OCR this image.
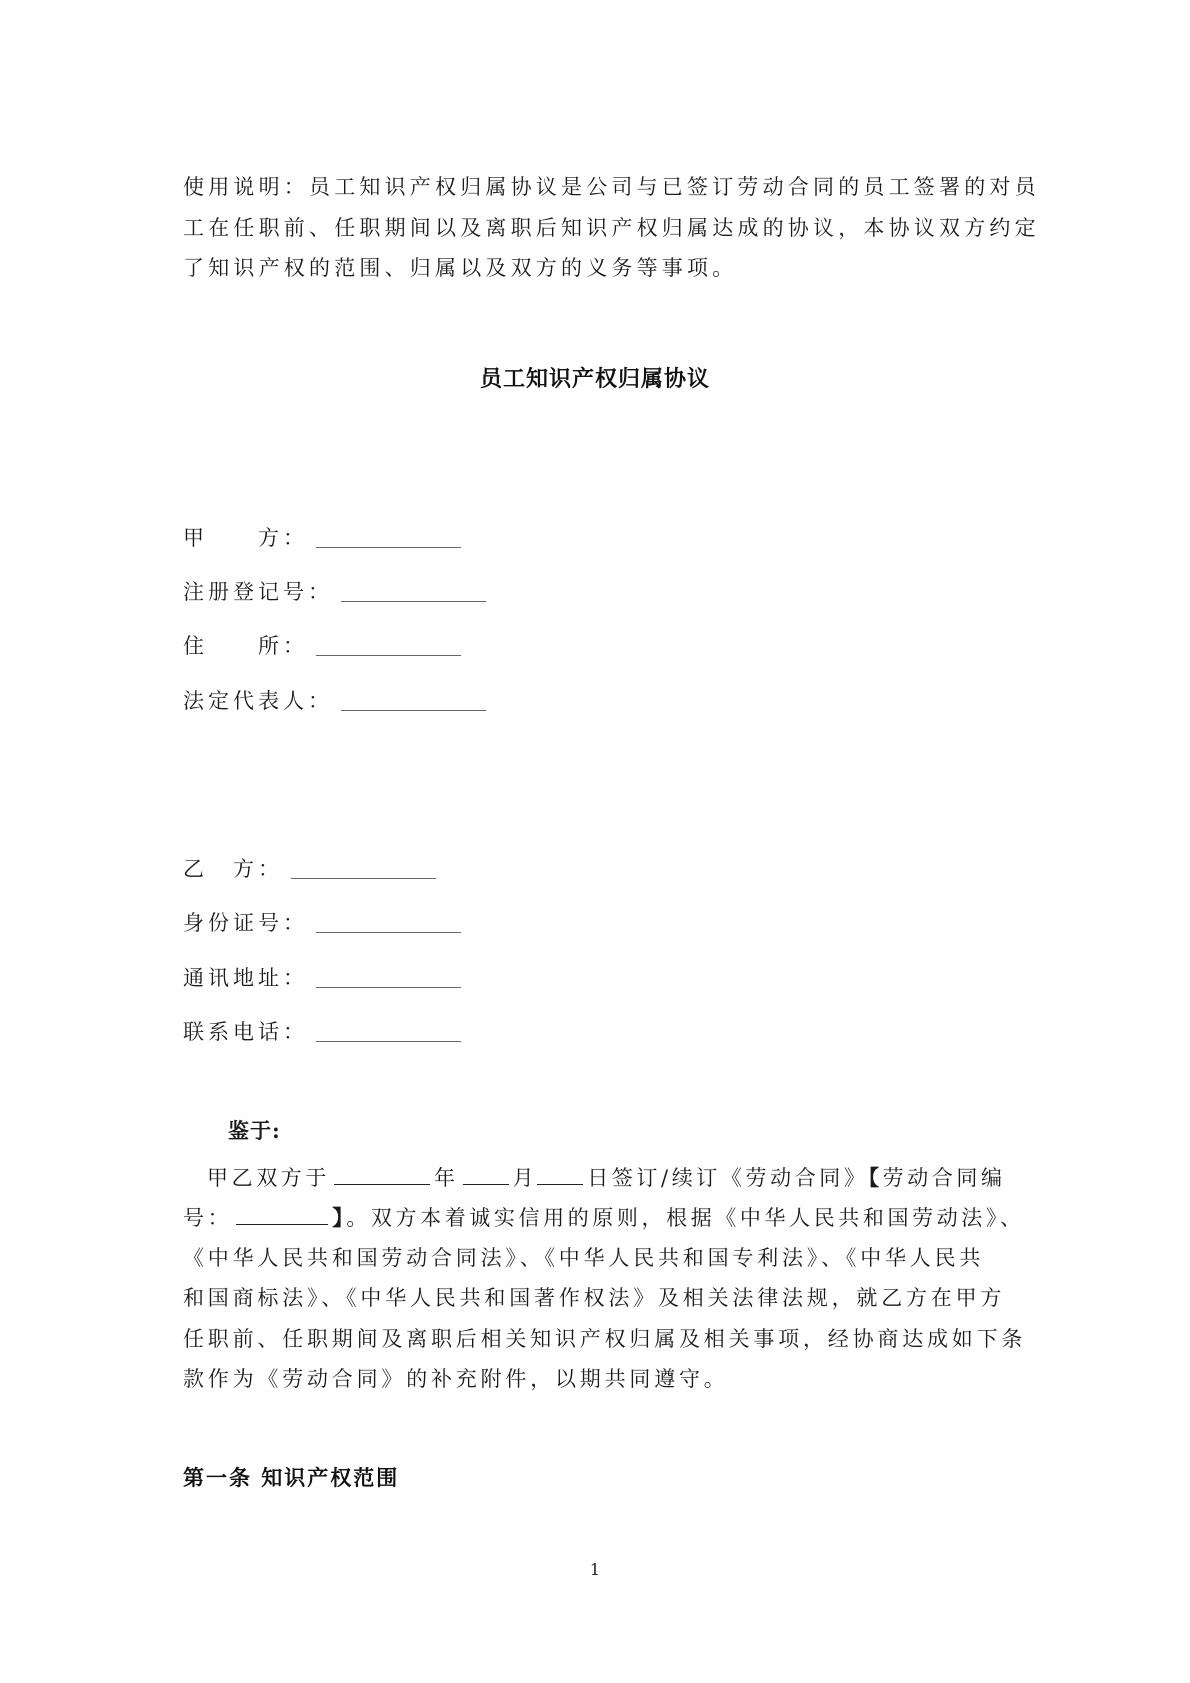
使用说明：员工知识产权归属协议是公司与已签订劳动合同的员工签署的对员
工在任职前、任职期间以及离职后知识产权归属达成的协议，本协议双方约定
了知识产权的范围、归属以及双方的义务等事项。
员工知识产权归属协议
甲　　方：
注册登记号：
住　　所：
法定代表人：
乙　方：
身份证号：
通讯地址：
联系电话：
鉴于:
甲乙双方于	年	月 日签订/续订《劳动合同》【劳动合同编
号：	】。双方本着诚实信用的原则，根据《中华人民共和国劳动法》、
《中华人民共和国劳动合同法》、《中华人民共和国专利法》、《中华人民共
和国商标法》、《中华人民共和国著作权法》及相关法律法规，就乙方在甲方
任职前、任职期间及离职后相关知识产权归属及相关事项，经协商达成如下条
款作为《劳动合同》的补充附件，以期共同遵守。
第一条 知识产权范围
1
